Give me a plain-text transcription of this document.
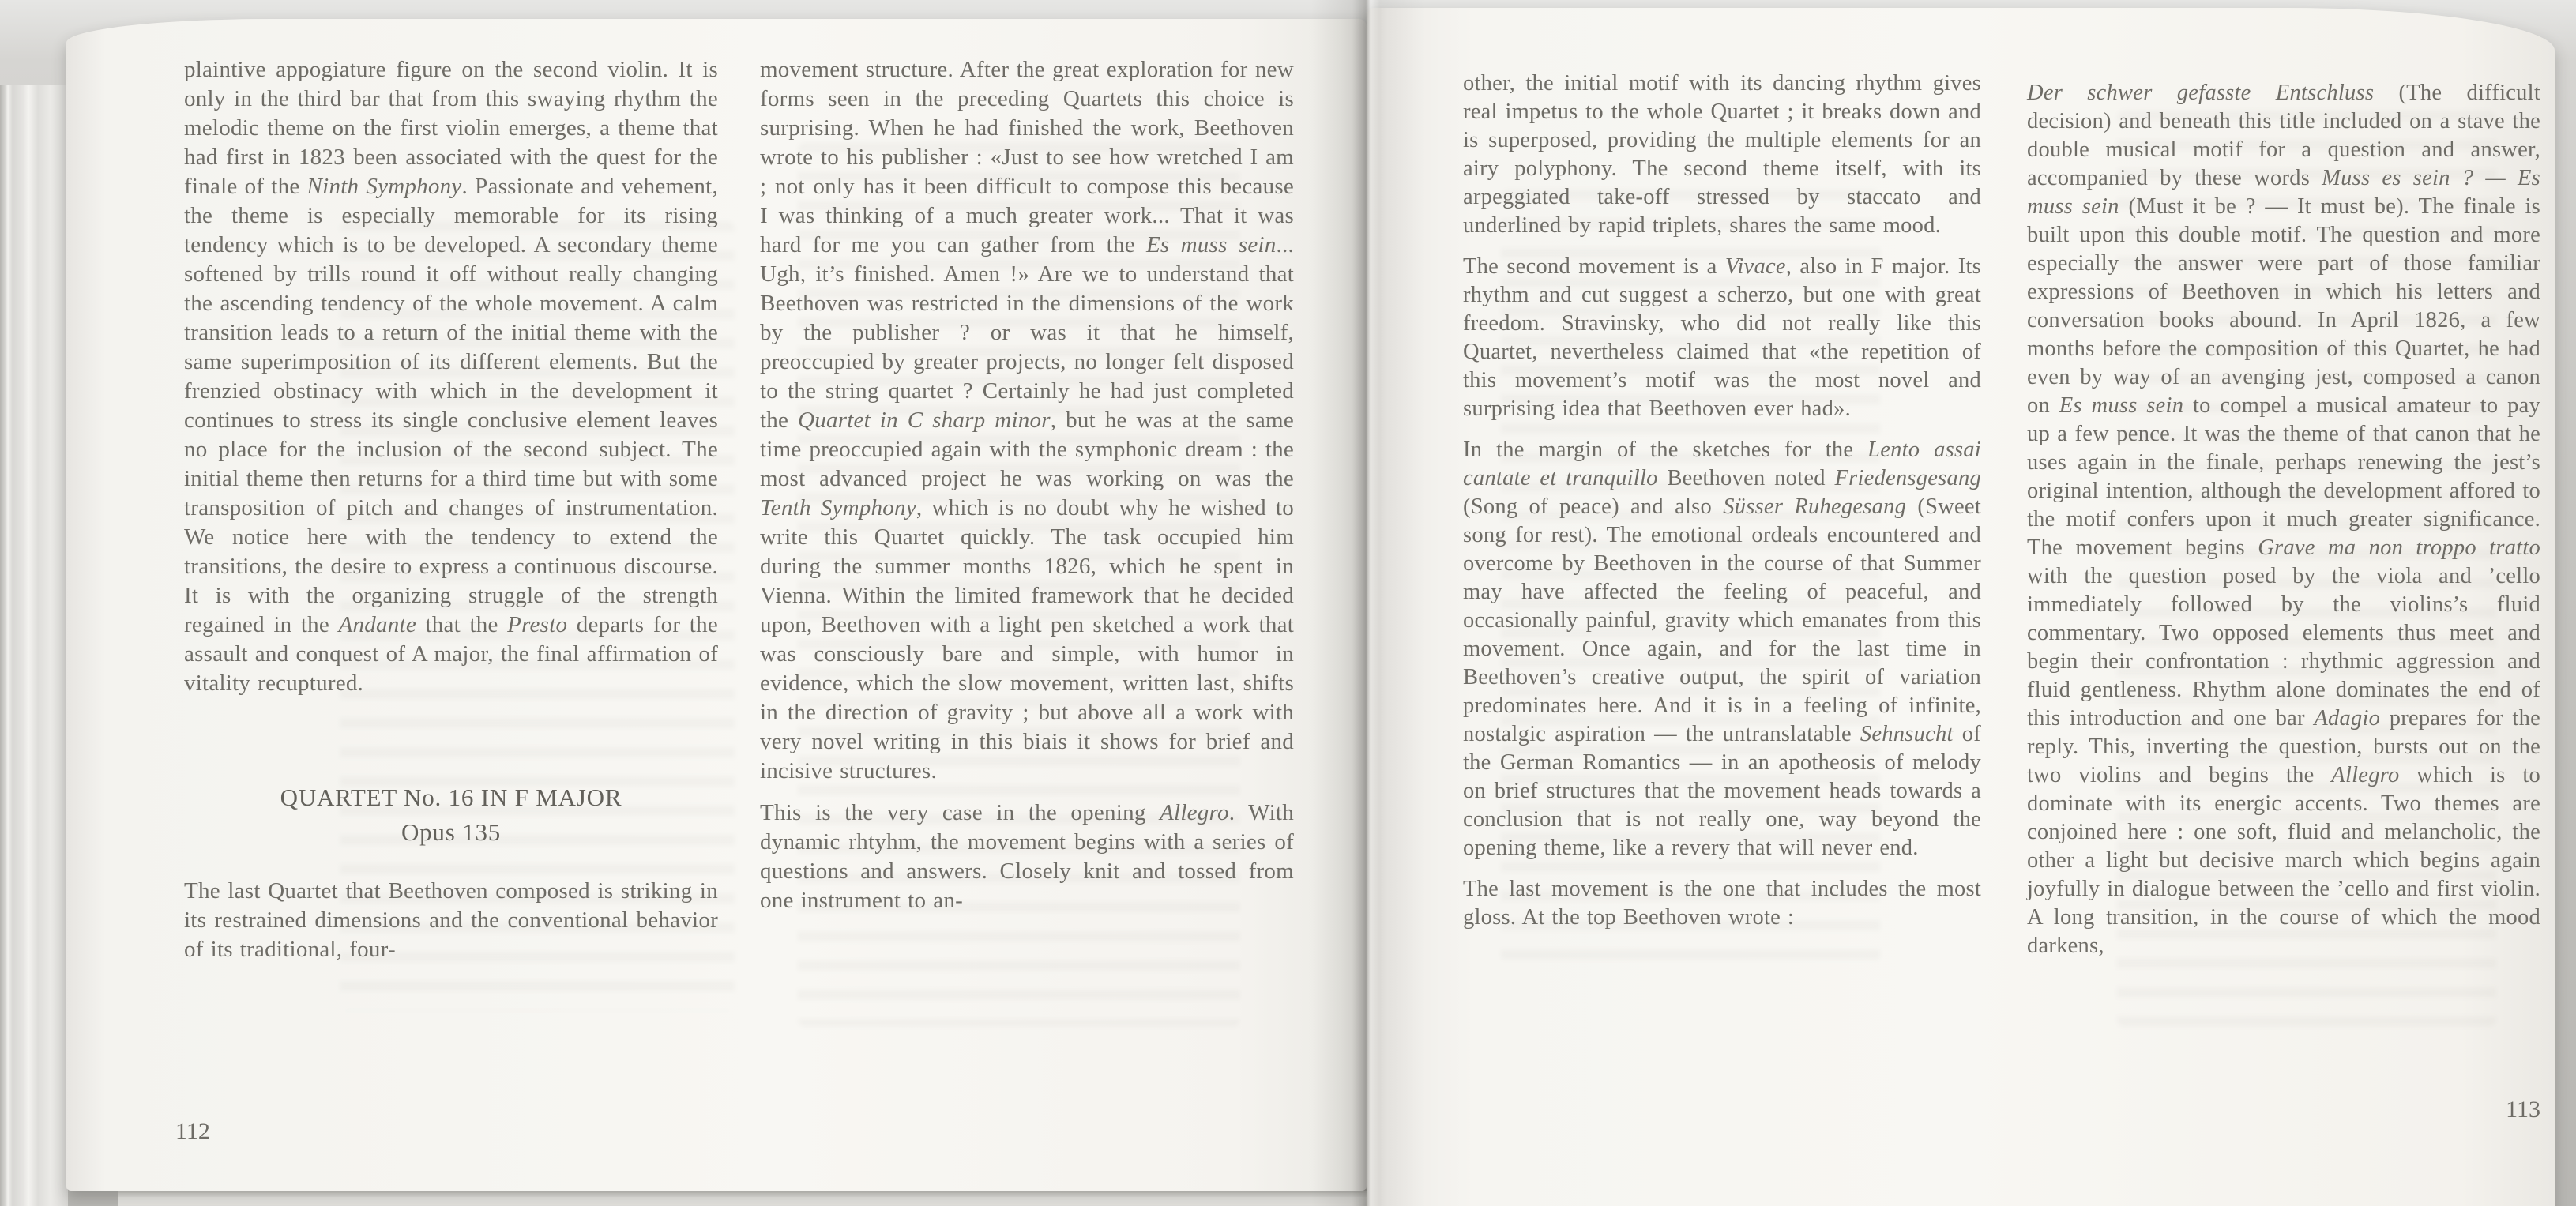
plaintive appogiature figure on the second violin. It is only in the third bar that from this swaying rhythm the melodic theme on the first violin emerges, a theme that had first in 1823 been associated with the quest for the finale of the Ninth Symphony. Passionate and vehement, the theme is especially memorable for its rising tendency which is to be developed. A secondary theme softened by trills round it off without really changing the ascending tendency of the whole movement. A calm transition leads to a return of the initial theme with the same superimposition of its different elements. But the frenzied obstinacy with which in the development it continues to stress its single conclusive element leaves no place for the inclusion of the second subject. The initial theme then returns for a third time but with some transposition of pitch and changes of instrumentation. We notice here with the tendency to extend the transitions, the desire to express a continuous discourse. It is with the organizing struggle of the strength regained in the Andante that the Presto departs for the assault and conquest of A major, the final affirmation of vitality recuptured.

QUARTET No. 16 IN F MAJOR
Opus 135

The last Quartet that Beethoven composed is striking in its restrained dimensions and the conventional behavior of its traditional, four-

movement structure. After the great exploration for new forms seen in the preceding Quartets this choice is surprising. When he had finished the work, Beethoven wrote to his publisher : «Just to see how wretched I am ; not only has it been difficult to compose this because I was thinking of a much greater work... That it was hard for me you can gather from the Es muss sein... Ugh, it’s finished. Amen !» Are we to understand that Beethoven was restricted in the dimensions of the work by the publisher ? or was it that he himself, preoccupied by greater projects, no longer felt disposed to the string quartet ? Certainly he had just completed the Quartet in C sharp minor, but he was at the same time preoccupied again with the symphonic dream : the most advanced project he was working on was the Tenth Symphony, which is no doubt why he wished to write this Quartet quickly. The task occupied him during the summer months 1826, which he spent in Vienna. Within the limited framework that he decided upon, Beethoven with a light pen sketched a work that was consciously bare and simple, with humor in evidence, which the slow movement, written last, shifts in the direction of gravity ; but above all a work with very novel writing in this biais it shows for brief and incisive structures.

This is the very case in the opening Allegro. With dynamic rhtyhm, the movement begins with a series of questions and answers. Closely knit and tossed from one instrument to an-

other, the initial motif with its dancing rhythm gives real impetus to the whole Quartet ; it breaks down and is superposed, providing the multiple elements for an airy polyphony. The second theme itself, with its arpeggiated take-off stressed by staccato and underlined by rapid triplets, shares the same mood.

The second movement is a Vivace, also in F major. Its rhythm and cut suggest a scherzo, but one with great freedom. Stravinsky, who did not really like this Quartet, nevertheless claimed that «the repetition of this movement’s motif was the most novel and surprising idea that Beethoven ever had».

In the margin of the sketches for the Lento assai cantate et tranquillo Beethoven noted Friedensgesang (Song of peace) and also Süsser Ruhegesang (Sweet song for rest). The emotional ordeals encountered and overcome by Beethoven in the course of that Summer may have affected the feeling of peaceful, and occasionally painful, gravity which emanates from this movement. Once again, and for the last time in Beethoven’s creative output, the spirit of variation predominates here. And it is in a feeling of infinite, nostalgic aspiration — the untranslatable Sehnsucht of the German Romantics — in an apotheosis of melody on brief structures that the movement heads towards a conclusion that is not really one, way beyond the opening theme, like a revery that will never end.

The last movement is the one that includes the most gloss. At the top Beethoven wrote :

Der schwer gefasste Entschluss (The difficult decision) and beneath this title included on a stave the double musical motif for a question and answer, accompanied by these words Muss es sein ? — Es muss sein (Must it be ? — It must be). The finale is built upon this double motif. The question and more especially the answer were part of those familiar expressions of Beethoven in which his letters and conversation books abound. In April 1826, a few months before the composition of this Quartet, he had even by way of an avenging jest, composed a canon on Es muss sein to compel a musical amateur to pay up a few pence. It was the theme of that canon that he uses again in the finale, perhaps renewing the jest’s original intention, although the development affored to the motif confers upon it much greater significance. The movement begins Grave ma non troppo tratto with the question posed by the viola and ’cello immediately followed by the violins’s fluid commentary. Two opposed elements thus meet and begin their confrontation : rhythmic aggression and fluid gentleness. Rhythm alone dominates the end of this introduction and one bar Adagio prepares for the reply. This, inverting the question, bursts out on the two violins and begins the Allegro which is to dominate with its energic accents. Two themes are conjoined here : one soft, fluid and melancholic, the other a light but decisive march which begins again joyfully in dialogue between the ’cello and first violin. A long transition, in the course of which the mood darkens,

112
113
